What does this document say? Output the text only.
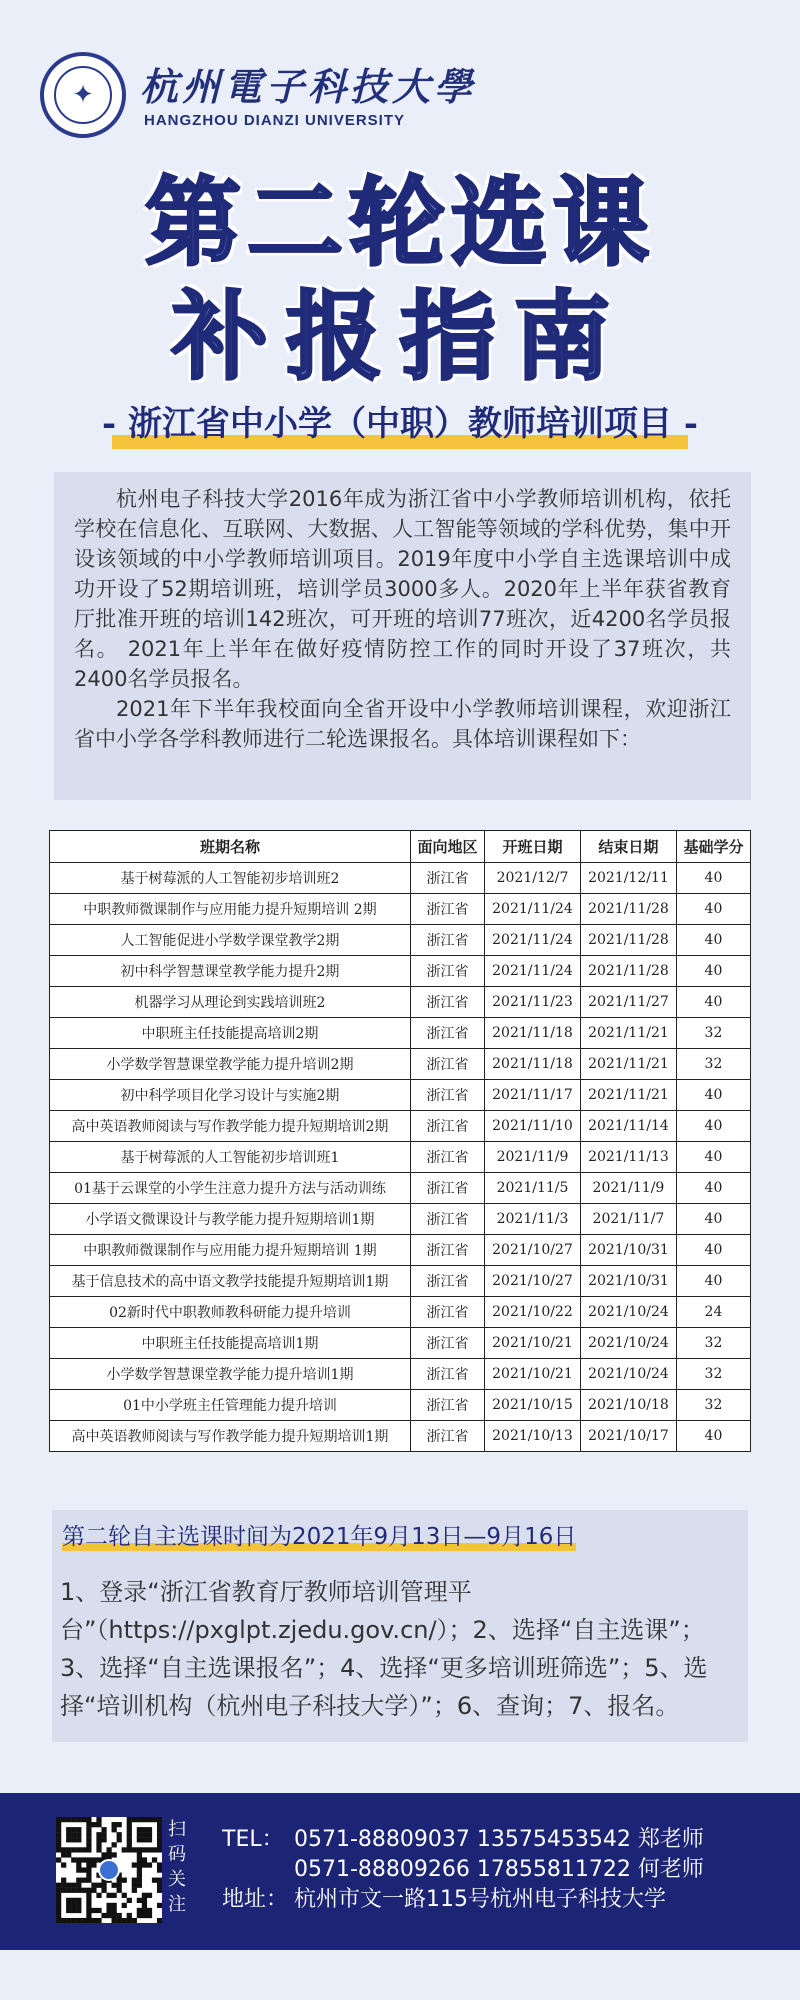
✦	杭州電子科技大學
HANGZHOU DIANZI UNIVERSITY
第二轮选课
补报指南
- 浙江省中小学（中职）教师培训项目 -

杭州电子科技大学2016年成为浙江省中小学教师培训机构，依托学校在信息化、互联网、大数据、人工智能等领域的学科优势，集中开设该领域的中小学教师培训项目。2019年度中小学自主选课培训中成功开设了52期培训班，培训学员3000多人。2020年上半年获省教育厅批准开班的培训142班次，可开班的培训77班次，近4200名学员报名。 2021年上半年在做好疫情防控工作的同时开设了37班次，共2400名学员报名。

2021年下半年我校面向全省开设中小学教师培训课程，欢迎浙江省中小学各学科教师进行二轮选课报名。具体培训课程如下：

班期名称	面向地区	开班日期	结束日期	基础学分
基于树莓派的人工智能初步培训班2	浙江省	2021/12/7	2021/12/11	40
中职教师微课制作与应用能力提升短期培训 2期	浙江省	2021/11/24	2021/11/28	40
人工智能促进小学数学课堂教学2期	浙江省	2021/11/24	2021/11/28	40
初中科学智慧课堂教学能力提升2期	浙江省	2021/11/24	2021/11/28	40
机器学习从理论到实践培训班2	浙江省	2021/11/23	2021/11/27	40
中职班主任技能提高培训2期	浙江省	2021/11/18	2021/11/21	32
小学数学智慧课堂教学能力提升培训2期	浙江省	2021/11/18	2021/11/21	32
初中科学项目化学习设计与实施2期	浙江省	2021/11/17	2021/11/21	40
高中英语教师阅读与写作教学能力提升短期培训2期	浙江省	2021/11/10	2021/11/14	40
基于树莓派的人工智能初步培训班1	浙江省	2021/11/9	2021/11/13	40
01基于云课堂的小学生注意力提升方法与活动训练	浙江省	2021/11/5	2021/11/9	40
小学语文微课设计与教学能力提升短期培训1期	浙江省	2021/11/3	2021/11/7	40
中职教师微课制作与应用能力提升短期培训 1期	浙江省	2021/10/27	2021/10/31	40
基于信息技术的高中语文教学技能提升短期培训1期	浙江省	2021/10/27	2021/10/31	40
02新时代中职教师教科研能力提升培训	浙江省	2021/10/22	2021/10/24	24
中职班主任技能提高培训1期	浙江省	2021/10/21	2021/10/24	32
小学数学智慧课堂教学能力提升培训1期	浙江省	2021/10/21	2021/10/24	32
01中小学班主任管理能力提升培训	浙江省	2021/10/15	2021/10/18	32
高中英语教师阅读与写作教学能力提升短期培训1期	浙江省	2021/10/13	2021/10/17	40
第二轮自主选课时间为2021年9月13日—9月16日
1、登录“浙江省教育厅教师培训管理平台”（https://pxglpt.zjedu.gov.cn/）；2、选择“自主选课”；3、选择“自主选课报名”；4、选择“更多培训班筛选”；5、选择“培训机构（杭州电子科技大学）”；6、查询；7、报名。
扫码关注
TEL： 0571-88809037 13575453542 郑老师
0571-88809266 17855811722 何老师
地址： 杭州市文一路115号杭州电子科技大学
